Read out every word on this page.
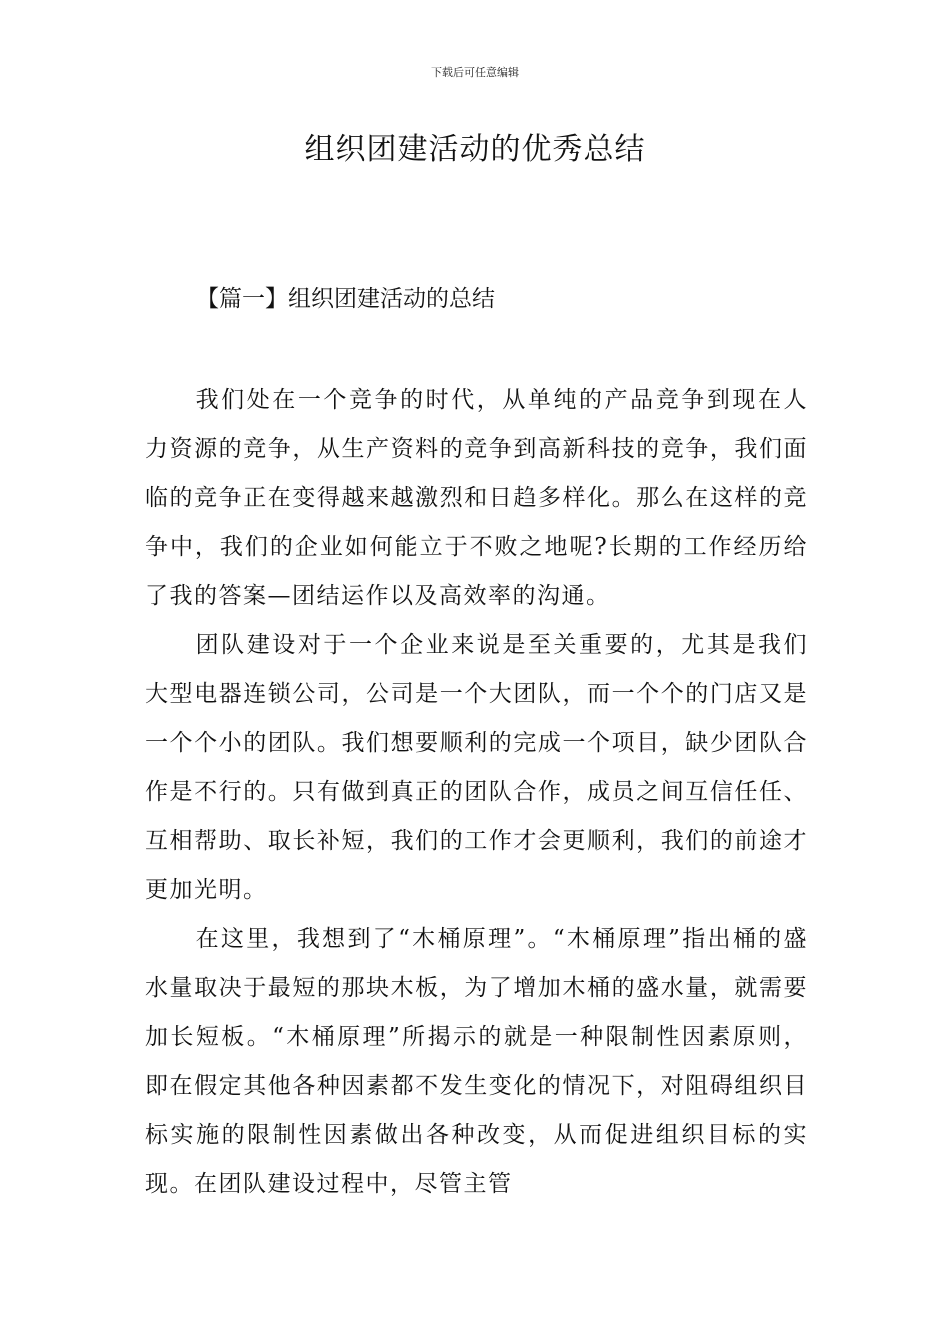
下载后可任意编辑
组织团建活动的优秀总结
【篇一】组织团建活动的总结

我们处在一个竞争的时代，从单纯的产品竞争到现在人力资源的竞争，从生产资料的竞争到高新科技的竞争，我们面临的竞争正在变得越来越激烈和日趋多样化。那么在这样的竞争中，我们的企业如何能立于不败之地呢?长期的工作经历给了我的答案—团结运作以及高效率的沟通。

团队建设对于一个企业来说是至关重要的，尤其是我们大型电器连锁公司，公司是一个大团队，而一个个的门店又是一个个小的团队。我们想要顺利的完成一个项目，缺少团队合作是不行的。只有做到真正的团队合作，成员之间互信任任、互相帮助、取长补短，我们的工作才会更顺利，我们的前途才更加光明。

在这里，我想到了“木桶原理”。“木桶原理”指出桶的盛水量取决于最短的那块木板，为了增加木桶的盛水量，就需要加长短板。“木桶原理”所揭示的就是一种限制性因素原则，即在假定其他各种因素都不发生变化的情况下，对阻碍组织目标实施的限制性因素做出各种改变，从而促进组织目标的实现。在团队建设过程中，尽管主管
